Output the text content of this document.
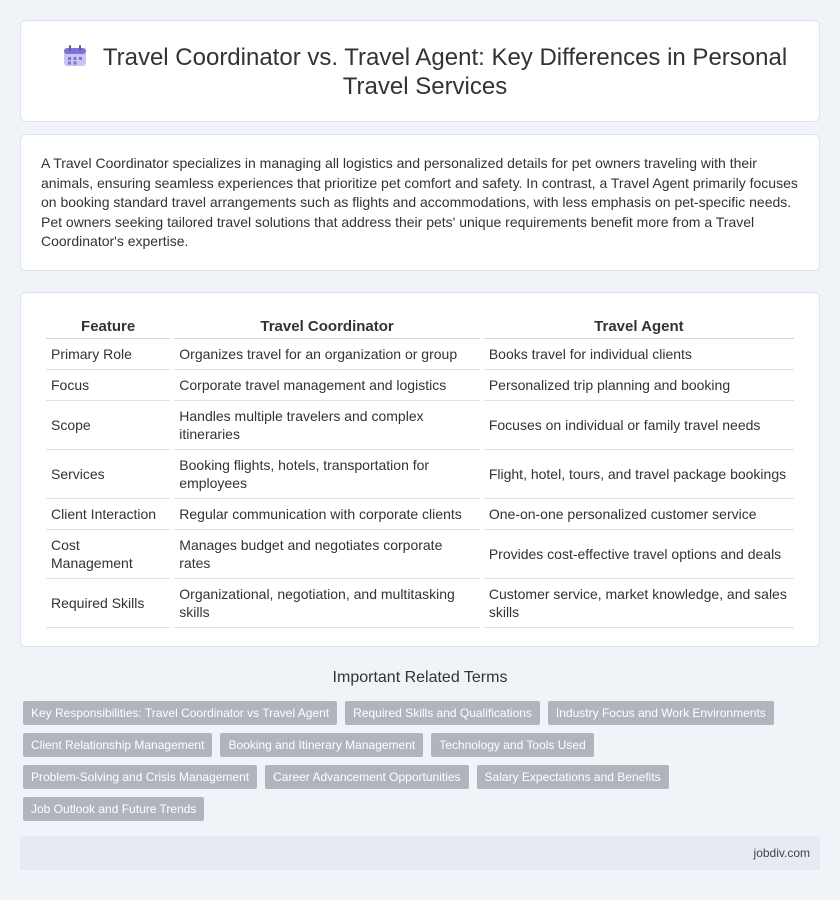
Travel Coordinator vs. Travel Agent: Key Differences in Personal Travel Services

A Travel Coordinator specializes in managing all logistics and personalized details for pet owners traveling with their animals, ensuring seamless experiences that prioritize pet comfort and safety. In contrast, a Travel Agent primarily focuses on booking standard travel arrangements such as flights and accommodations, with less emphasis on pet-specific needs. Pet owners seeking tailored travel solutions that address their pets' unique requirements benefit more from a Travel Coordinator's expertise.

Feature	Travel Coordinator	Travel Agent
Primary Role	Organizes travel for an organization or group	Books travel for individual clients
Focus	Corporate travel management and logistics	Personalized trip planning and booking
Scope	Handles multiple travelers and complex itineraries	Focuses on individual or family travel needs
Services	Booking flights, hotels, transportation for employees	Flight, hotel, tours, and travel package bookings
Client Interaction	Regular communication with corporate clients	One-on-one personalized customer service
Cost Management	Manages budget and negotiates corporate rates	Provides cost-effective travel options and deals
Required Skills	Organizational, negotiation, and multitasking skills	Customer service, market knowledge, and sales skills
Important Related Terms
Key Responsibilities: Travel Coordinator vs Travel Agent	Required Skills and Qualifications	Industry Focus and Work Environments
Client Relationship Management	Booking and Itinerary Management	Technology and Tools Used
Problem-Solving and Crisis Management	Career Advancement Opportunities	Salary Expectations and Benefits
Job Outlook and Future Trends
jobdiv.com
